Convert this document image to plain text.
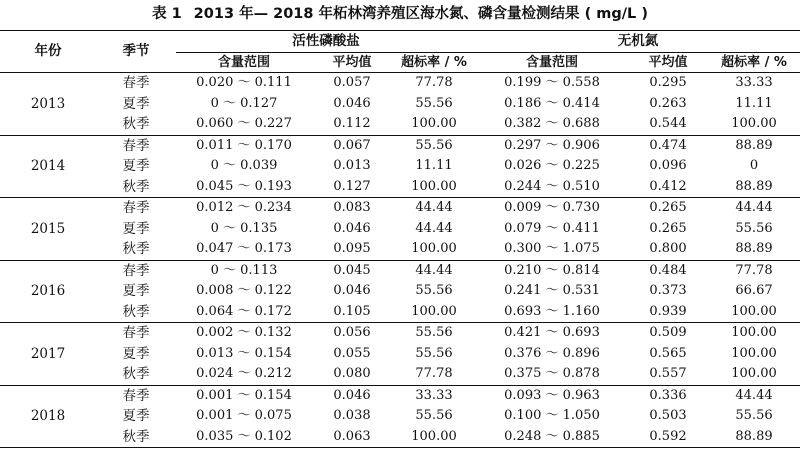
表 1 2013 年— 2018 年柘林湾养殖区海水氮、磷含量检测结果 ( mg/L )
年份	季节	活性磷酸盐			无机氮		
		含量范围	平均值	超标率 / %	含量范围	平均值	超标率 / %
2013	春季	0.020 ～ 0.111	0.057	77.78	0.199 ～ 0.558	0.295	33.33
	夏季	0 ～ 0.127	0.046	55.56	0.186 ～ 0.414	0.263	11.11
	秋季	0.060 ～ 0.227	0.112	100.00	0.382 ～ 0.688	0.544	100.00
2014	春季	0.011 ～ 0.170	0.067	55.56	0.297 ～ 0.906	0.474	88.89
	夏季	0 ～ 0.039	0.013	11.11	0.026 ～ 0.225	0.096	0
	秋季	0.045 ～ 0.193	0.127	100.00	0.244 ～ 0.510	0.412	88.89
2015	春季	0.012 ～ 0.234	0.083	44.44	0.009 ～ 0.730	0.265	44.44
	夏季	0 ～ 0.135	0.046	44.44	0.079 ～ 0.411	0.265	55.56
	秋季	0.047 ～ 0.173	0.095	100.00	0.300 ～ 1.075	0.800	88.89
2016	春季	0 ～ 0.113	0.045	44.44	0.210 ～ 0.814	0.484	77.78
	夏季	0.008 ～ 0.122	0.046	55.56	0.241 ～ 0.531	0.373	66.67
	秋季	0.064 ～ 0.172	0.105	100.00	0.693 ～ 1.160	0.939	100.00
2017	春季	0.002 ～ 0.132	0.056	55.56	0.421 ～ 0.693	0.509	100.00
	夏季	0.013 ～ 0.154	0.055	55.56	0.376 ～ 0.896	0.565	100.00
	秋季	0.024 ～ 0.212	0.080	77.78	0.375 ～ 0.878	0.557	100.00
2018	春季	0.001 ～ 0.154	0.046	33.33	0.093 ～ 0.963	0.336	44.44
	夏季	0.001 ～ 0.075	0.038	55.56	0.100 ～ 1.050	0.503	55.56
	秋季	0.035 ～ 0.102	0.063	100.00	0.248 ～ 0.885	0.592	88.89
